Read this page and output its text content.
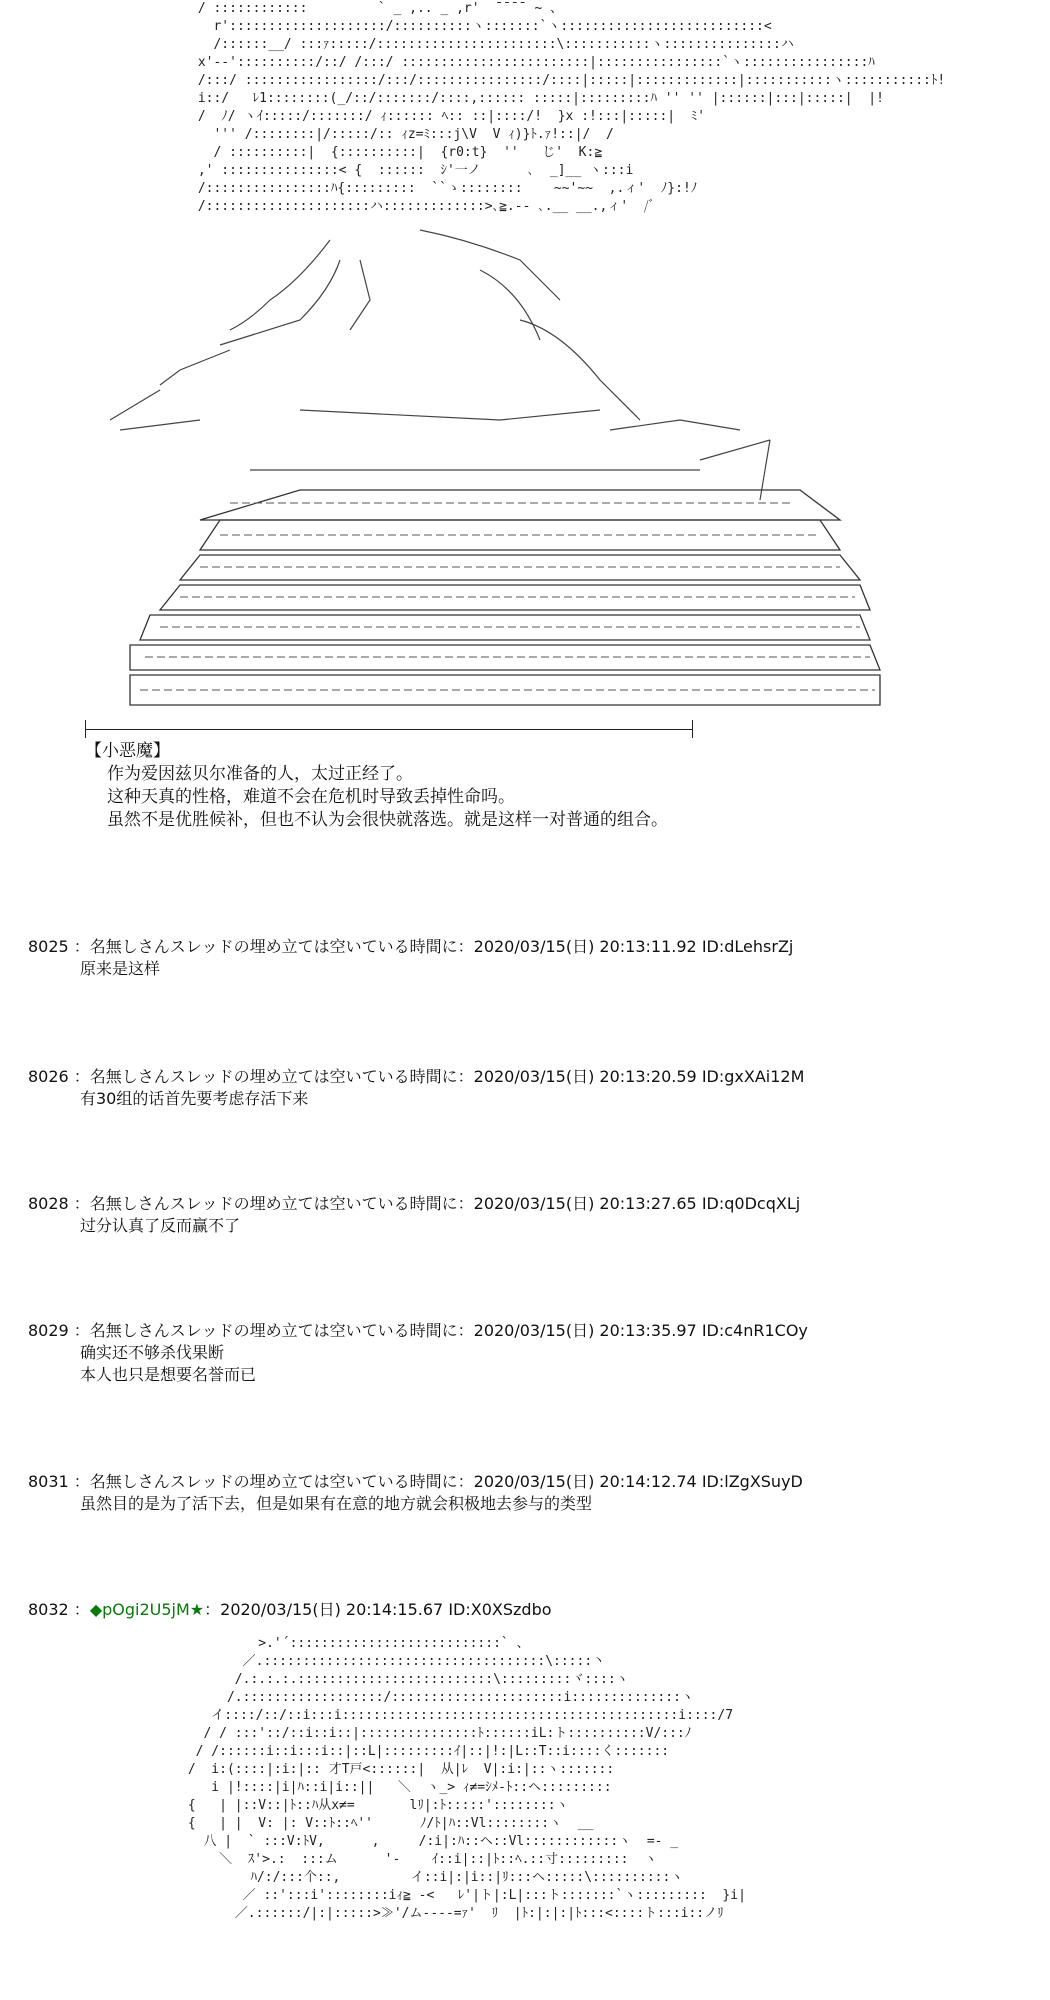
/ ::::::::::::         ` _ ,.. _ ,r'  ̄ ̄ ̄ ̄  ~ 、
r'::::::::::::::::::::/::::::::::ヽ:::::::`ヽ::::::::::::::::::::::::::<
/::::::__/ :::ｧ:::::/:::::::::::::::::::::::\:::::::::::ヽ:::::::::::::::ハ
x'‐‐'::::::::::/::/ /:::/ ::::::::::::::::::::::::|::::::::::::::::`ヽ::::::::::::::::ﾊ
/:::/ :::::::::::::::::/:::/::::::::::::::::/::::|:::::|:::::::::::::|:::::::::::ヽ:::::::::::ﾄ!
i::/   ﾚ1::::::::(_/::/:::::::/::::,:::::: :::::|:::::::::ﾊ '' '' |::::::|:::|:::::|  |!
/  ﾉ/ ヽｲ:::::/:::::::/ ｨ:::::: ﾍ:: ::|::::/!  }x :!:::|:::::|  ﾐ'
''' /::::::::|/:::::/:: ｨz=ﾐ:::j\V  V ｨ)}ﾄ.ｧ!::|/  /
/ ::::::::::|  {::::::::::|  {r0:t}  ''   じ'  K:≧
,' :::::::::::::::< {  ::::::  ｼ'一ノ      ､  _]__ ヽ:::i
/::::::::::::::::ﾊ{:::::::::  ``ゝ::::::::    ~~'~~  ,.ィ'  ﾉ}:!ﾉ
/:::::::::::::::::::::ハ:::::::::::::>､≧.-- ､.__ __.,ィ'  /ﾞ
【小恶魔】
作为爱因兹贝尔准备的人，太过正经了。
这种天真的性格，难道不会在危机时导致丢掉性命吗。
虽然不是优胜候补，但也不认为会很快就落选。就是这样一对普通的组合。
8025 ：名無しさんスレッドの埋め立ては空いている時間に：2020/03/15(日) 20:13:11.92 ID:dLehsrZj
原来是这样
8026 ：名無しさんスレッドの埋め立ては空いている時間に：2020/03/15(日) 20:13:20.59 ID:gxXAi12M
有30组的话首先要考虑存活下来
8028 ：名無しさんスレッドの埋め立ては空いている時間に：2020/03/15(日) 20:13:27.65 ID:q0DcqXLj
过分认真了反而赢不了
8029 ：名無しさんスレッドの埋め立ては空いている時間に：2020/03/15(日) 20:13:35.97 ID:c4nR1COy
确实还不够杀伐果断
本人也只是想要名誉而已
8031 ：名無しさんスレッドの埋め立ては空いている時間に：2020/03/15(日) 20:14:12.74 ID:lZgXSuyD
虽然目的是为了活下去，但是如果有在意的地方就会积极地去参与的类型
8032 ：◆pOgi2U5jM★：2020/03/15(日) 20:14:15.67 ID:X0XSzdbo
>.'´:::::::::::::::::::::::::::` 、
／.::::::::::::::::::::::::::::::::::::\:::::丶
/.:.:.:.:::::::::::::::::::::::::\:::::::::ヾ::::ヽ
/.::::::::::::::::::/::::::::::::::::::::::i::::::::::::::ヽ
イ::::/::/::i:::i:::::::::::::::::::::::::::::::::::::::::::i::::/7
/ / :::'::/::i::i::|:::::::::::::::ﾄ::::::iL:ト::::::::::V/:::ﾉ
/ /::::::i::i:::i::|::L|:::::::::ｲ|::|!:|L::T::i::::く:::::::
/  i:(::::|:i:|:: 才T戸<::::::|  从|ﾚ  V|:i:|::ヽ:::::::
i |!::::|i|ﾊ::i|i::||   ＼  ヽ_> ｨ≠=ｼﾒ-ﾄ::ヘ:::::::::
{   | |::V::|ﾄ::ﾊ从x≠=       lﾘ|:ﾄ:::::'::::::::ヽ
{   | |  V: |: V::ﾄ::ﾍ''      ﾉ/ﾄ|ﾊ::Vl::::::::ヽ  __
八 |  ` :::V:ﾄV,      ,     /:i|:ﾊ::ヘ::Vl::::::::::::ヽ  =- _
＼  ｽ'>.:  :::ム      '-    ｲ::i|::|ﾄ::ﾍ.::寸:::::::::  ヽ
ﾊ/:/:::个::,         イ::i|:|i::|ﾘ:::ヘ:::::\::::::::::ヽ
／ ::':::i'::::::::iｨ≧ -<   ﾚ'|ト|:L|:::ト:::::::`ヽ:::::::::  }i|
／.::::::/|:|:::::>≫'/ム----=ｧ'  ﾘ  |ﾄ:|:|:|ﾄ:::<::::ト:::i::ノﾘ
